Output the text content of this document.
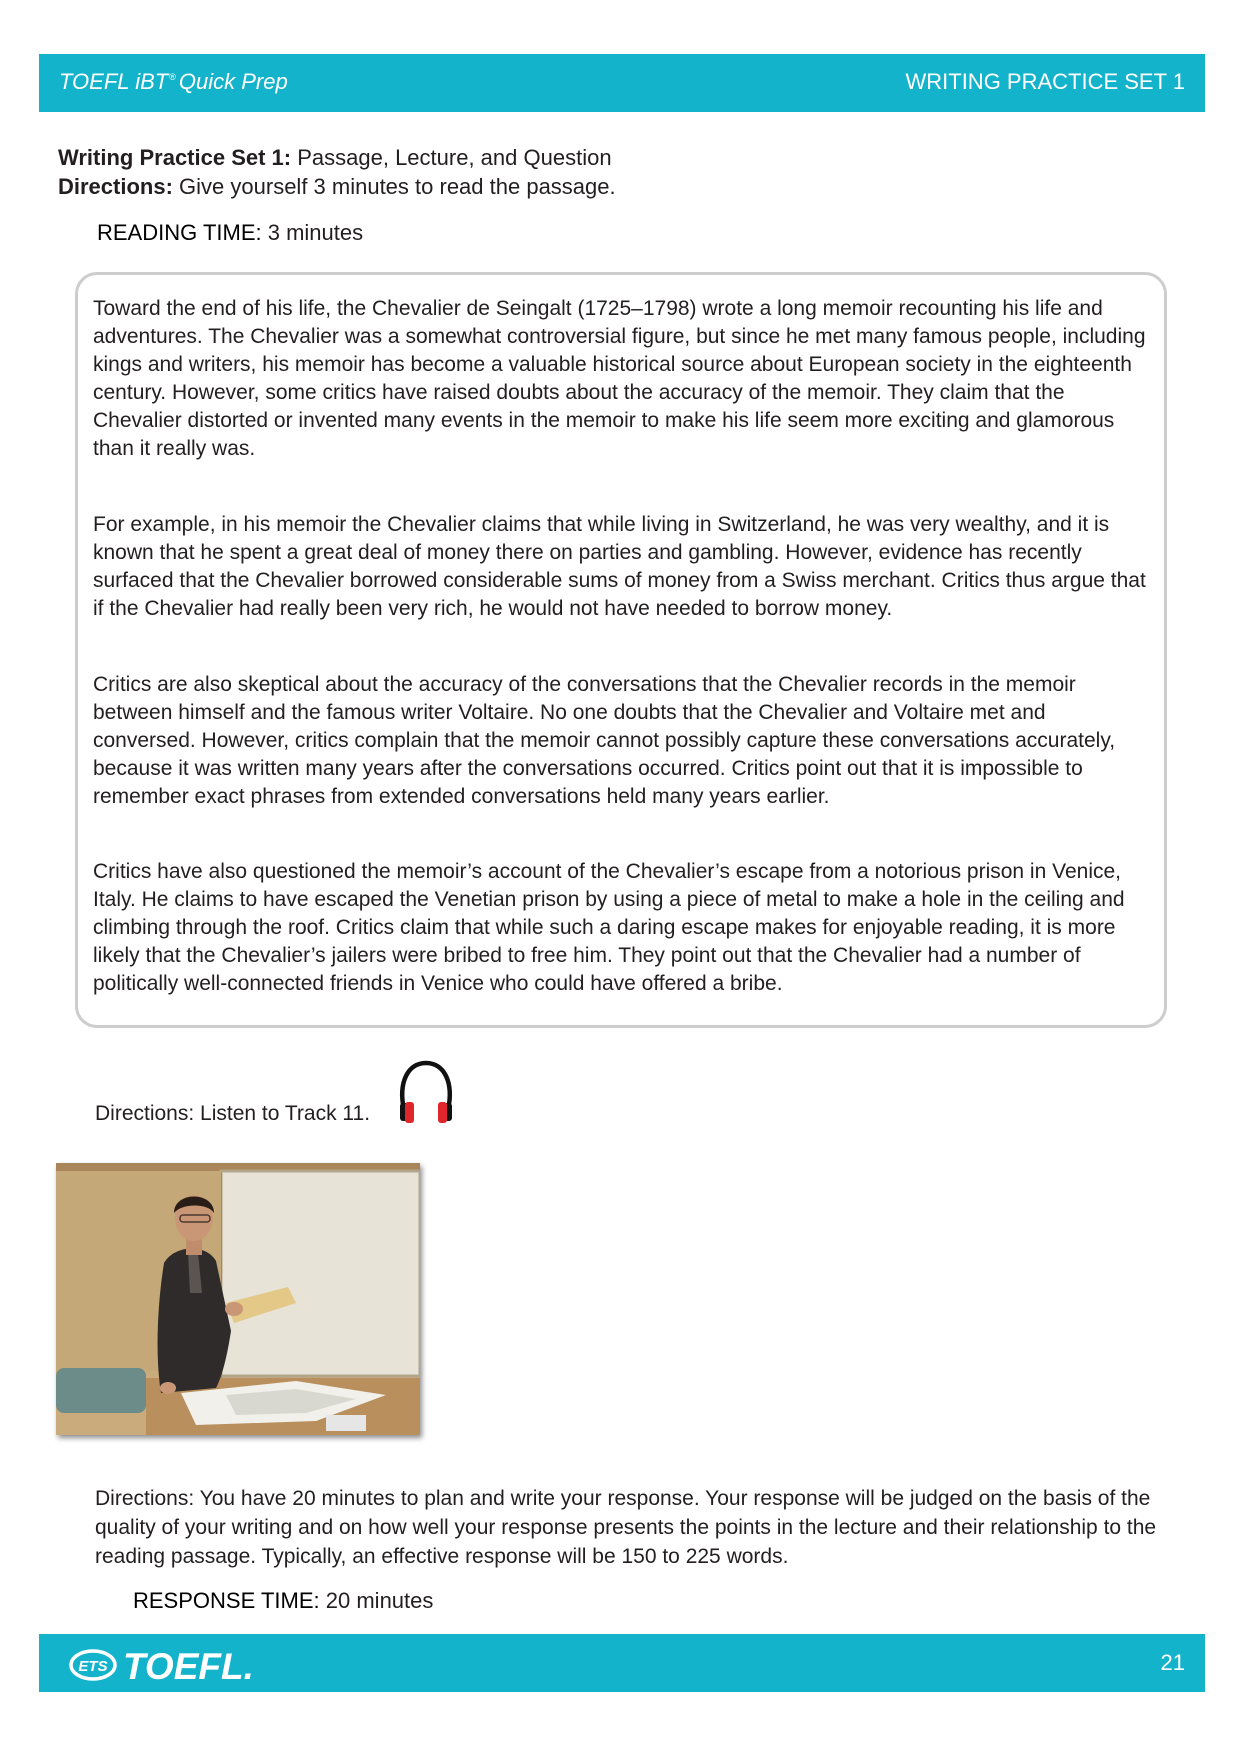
TOEFL iBT® Quick Prep	WRITING PRACTICE SET 1
Writing Practice Set 1: Passage, Lecture, and Question
Directions: Give yourself 3 minutes to read the passage.
READING TIME: 3 minutes

Toward the end of his life, the Chevalier de Seingalt (1725–1798) wrote a long memoir recounting his life and adventures. The Chevalier was a somewhat controversial figure, but since he met many famous people, including kings and writers, his memoir has become a valuable historical source about European society in the eighteenth century. However, some critics have raised doubts about the accuracy of the memoir. They claim that the Chevalier distorted or invented many events in the memoir to make his life seem more exciting and glamorous than it really was.

For example, in his memoir the Chevalier claims that while living in Switzerland, he was very wealthy, and it is known that he spent a great deal of money there on parties and gambling. However, evidence has recently surfaced that the Chevalier borrowed considerable sums of money from a Swiss merchant. Critics thus argue that if the Chevalier had really been very rich, he would not have needed to borrow money.

Critics are also skeptical about the accuracy of the conversations that the Chevalier records in the memoir between himself and the famous writer Voltaire. No one doubts that the Chevalier and Voltaire met and conversed. However, critics complain that the memoir cannot possibly capture these conversations accurately, because it was written many years after the conversations occurred. Critics point out that it is impossible to remember exact phrases from extended conversations held many years earlier.

Critics have also questioned the memoir’s account of the Chevalier’s escape from a notorious prison in Venice, Italy. He claims to have escaped the Venetian prison by using a piece of metal to make a hole in the ceiling and climbing through the roof. Critics claim that while such a daring escape makes for enjoyable reading, it is more likely that the Chevalier’s jailers were bribed to free him. They point out that the Chevalier had a number of politically well-connected friends in Venice who could have offered a bribe.

Directions: Listen to Track 11.

Directions: You have 20 minutes to plan and write your response. Your response will be judged on the basis of the quality of your writing and on how well your response presents the points in the lecture and their relationship to the reading passage. Typically, an effective response will be 150 to 225 words.

RESPONSE TIME: 20 minutes
ETS TOEFL.	21
